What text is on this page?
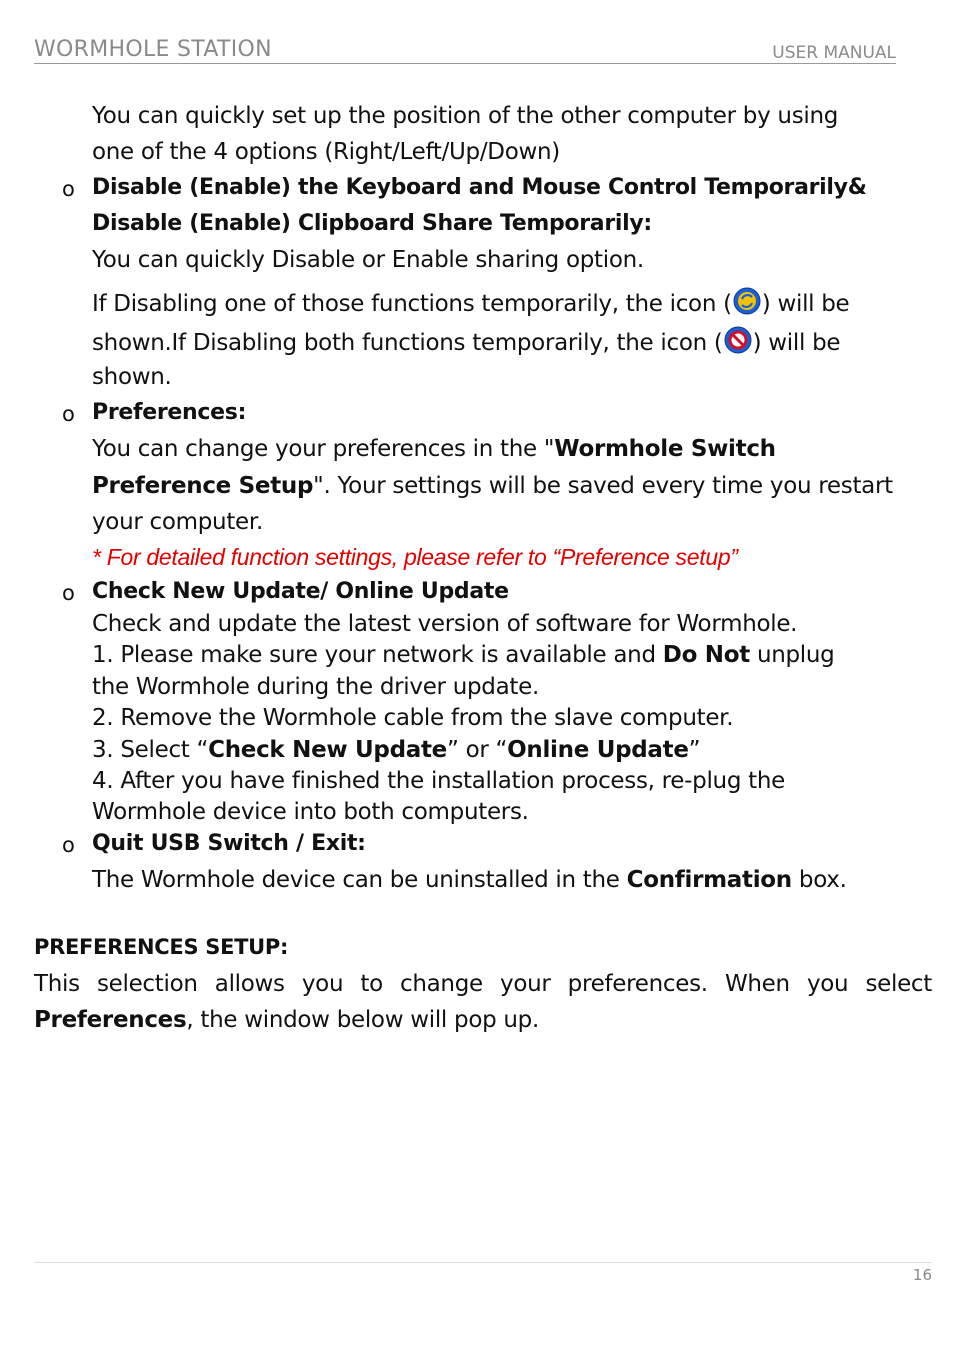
WORMHOLE STATION	USER MANUAL
You can quickly set up the position of the other computer by using
one of the 4 options (Right/Left/Up/Down)
o Disable (Enable) the Keyboard and Mouse Control Temporarily&
Disable (Enable) Clipboard Share Temporarily:
You can quickly Disable or Enable sharing option.
If Disabling one of those functions temporarily, the icon ( ) will be
shown.If Disabling both functions temporarily, the icon ( ) will be
shown.
o Preferences:
You can change your preferences in the "Wormhole Switch
Preference Setup". Your settings will be saved every time you restart
your computer.
* For detailed function settings, please refer to “Preference setup”
o Check New Update/ Online Update
Check and update the latest version of software for Wormhole.
1. Please make sure your network is available and Do Not unplug
the Wormhole during the driver update.
2. Remove the Wormhole cable from the slave computer.
3. Select “Check New Update” or “Online Update”
4. After you have finished the installation process, re-plug the
Wormhole device into both computers.
o Quit USB Switch / Exit:
The Wormhole device can be uninstalled in the Confirmation box.
PREFERENCES SETUP:
This selection allows you to change your preferences. When you select
Preferences, the window below will pop up.
16
